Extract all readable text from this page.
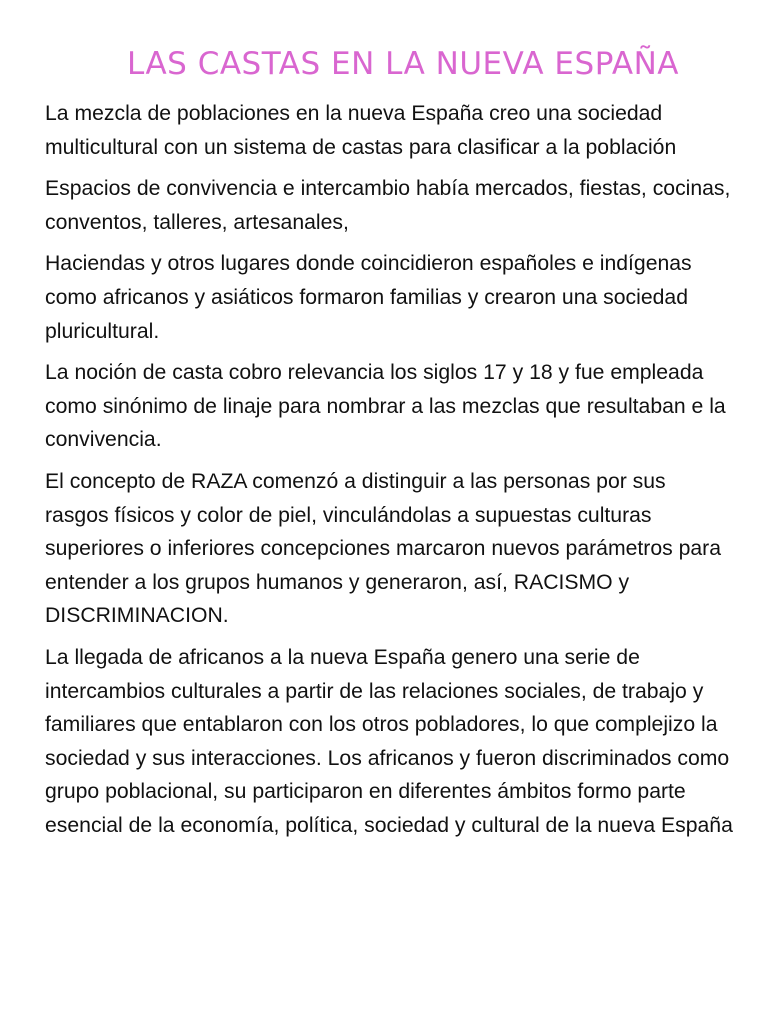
LAS CASTAS EN LA NUEVA ESPAÑA

La mezcla de poblaciones en la nueva España creo una sociedad multicultural con un sistema de castas para clasificar a la población

Espacios de convivencia e intercambio había mercados, fiestas, cocinas, conventos, talleres, artesanales,

Haciendas y otros lugares donde coincidieron españoles e indígenas como africanos y asiáticos formaron familias y crearon una sociedad pluricultural.

La noción de casta cobro relevancia los siglos 17 y 18 y fue empleada como sinónimo de linaje para nombrar a las mezclas que resultaban e la convivencia.

El concepto de RAZA comenzó a distinguir a las personas por sus rasgos físicos y color de piel, vinculándolas a supuestas culturas superiores o inferiores concepciones marcaron nuevos parámetros para entender a los grupos humanos y generaron, así, RACISMO y DISCRIMINACION.

La llegada de africanos a la nueva España genero una serie de intercambios culturales a partir de las relaciones sociales, de trabajo y familiares que entablaron con los otros pobladores, lo que complejizo la sociedad y sus interacciones. Los africanos y fueron discriminados como grupo poblacional, su participaron en diferentes ámbitos formo parte esencial de la economía, política, sociedad y cultural de la nueva España
